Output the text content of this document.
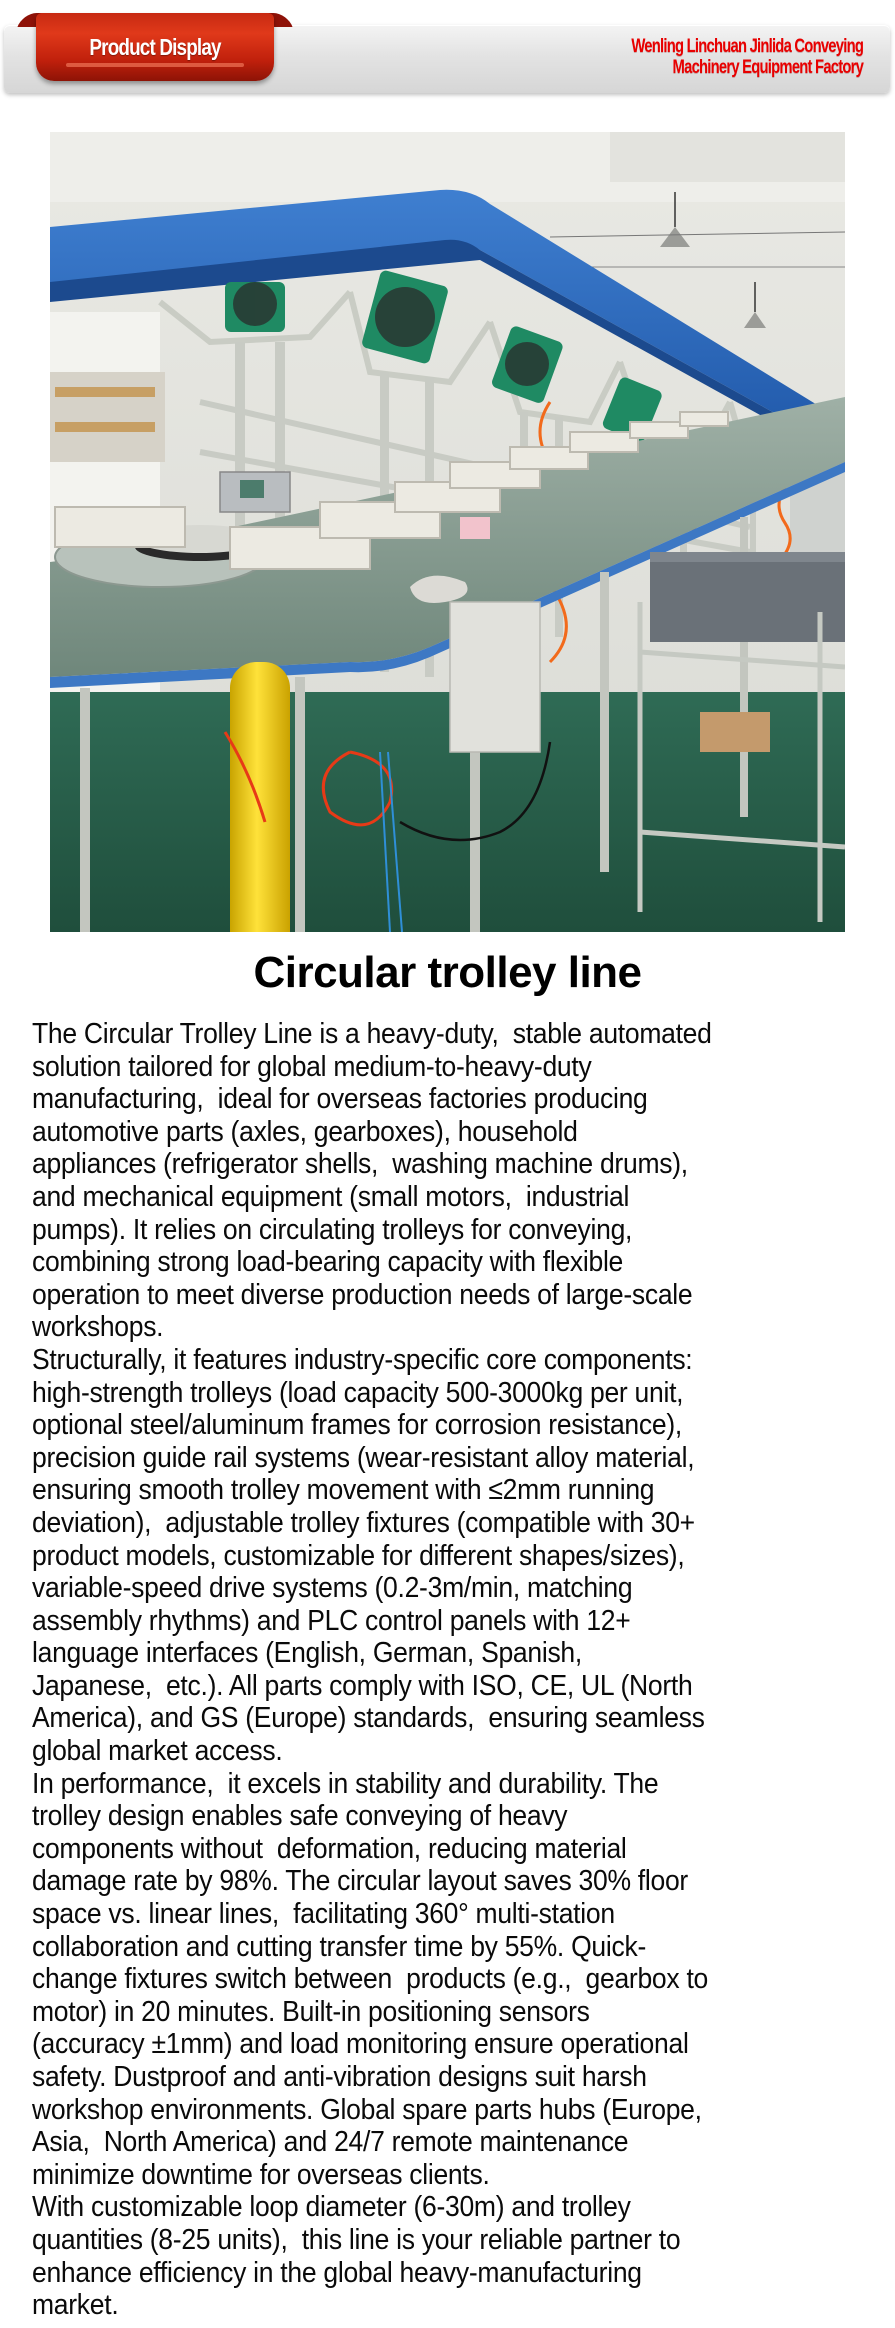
Product Display	Wenling Linchuan Jinlida Conveying
Machinery Equipment Factory
Circular trolley line
The Circular Trolley Line is a heavy-duty,  stable automated
solution tailored for global medium-to-heavy-duty
manufacturing,  ideal for overseas factories producing
automotive parts (axles, gearboxes), household
appliances (refrigerator shells,  washing machine drums),
and mechanical equipment (small motors,  industrial
pumps). It relies on circulating trolleys for conveying,
combining strong load-bearing capacity with flexible
operation to meet diverse production needs of large-scale
workshops.
Structurally, it features industry-specific core components:
high-strength trolleys (load capacity 500-3000kg per unit,
optional steel/aluminum frames for corrosion resistance),
precision guide rail systems (wear-resistant alloy material,
ensuring smooth trolley movement with ≤2mm running
deviation),  adjustable trolley fixtures (compatible with 30+
product models, customizable for different shapes/sizes),
variable-speed drive systems (0.2-3m/min, matching
assembly rhythms) and PLC control panels with 12+
language interfaces (English, German, Spanish,
Japanese,  etc.). All parts comply with ISO, CE, UL (North
America), and GS (Europe) standards,  ensuring seamless
global market access.
In performance,  it excels in stability and durability. The
trolley design enables safe conveying of heavy
components without  deformation, reducing material
damage rate by 98%. The circular layout saves 30% floor
space vs. linear lines,  facilitating 360° multi-station
collaboration and cutting transfer time by 55%. Quick-
change fixtures switch between  products (e.g.,  gearbox to
motor) in 20 minutes. Built-in positioning sensors
(accuracy ±1mm) and load monitoring ensure operational
safety. Dustproof and anti-vibration designs suit harsh
workshop environments. Global spare parts hubs (Europe,
Asia,  North America) and 24/7 remote maintenance
minimize downtime for overseas clients.
With customizable loop diameter (6-30m) and trolley
quantities (8-25 units),  this line is your reliable partner to
enhance efficiency in the global heavy-manufacturing
market.
